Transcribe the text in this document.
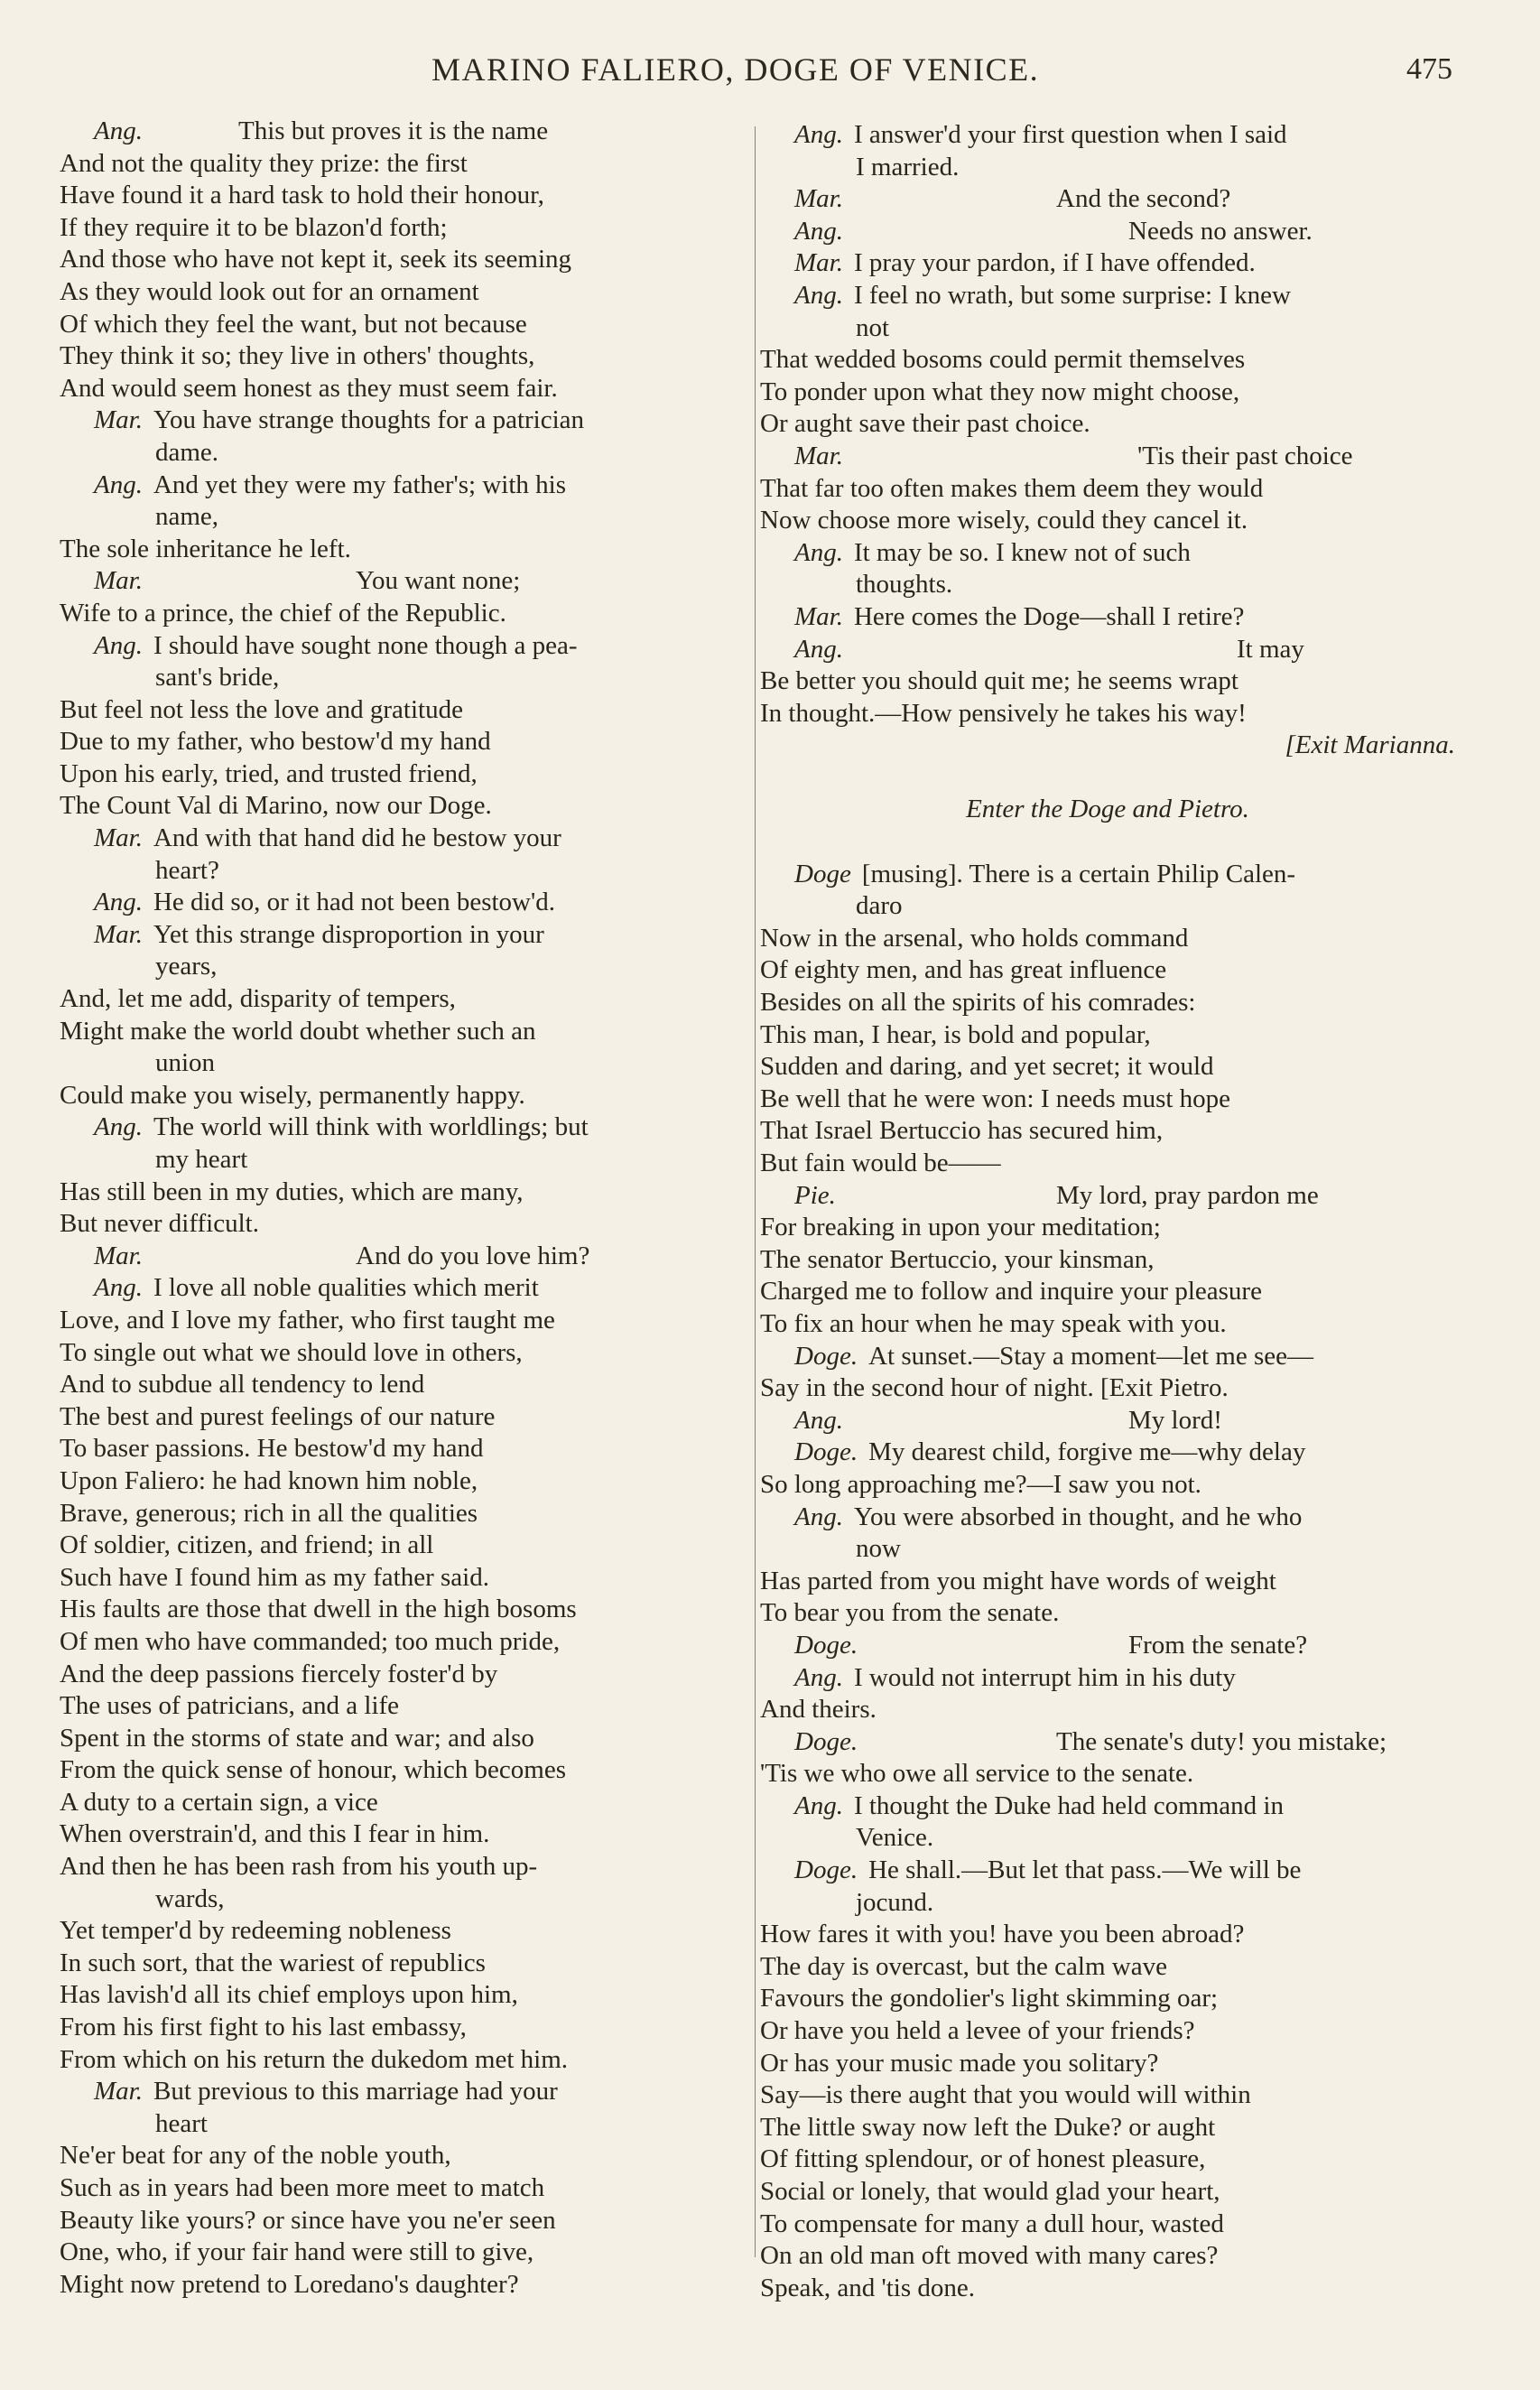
MARINO FALIERO, DOGE OF VENICE.	475
Ang.	This but proves it is the name
And not the quality they prize: the first
Have found it a hard task to hold their honour,
If they require it to be blazon'd forth;
And those who have not kept it, seek its seeming
As they would look out for an ornament
Of which they feel the want, but not because
They think it so; they live in others' thoughts,
And would seem honest as they must seem fair.
Mar. You have strange thoughts for a patrician
dame.
Ang. And yet they were my father's; with his
name,
The sole inheritance he left.
Mar.	You want none;
Wife to a prince, the chief of the Republic.
Ang. I should have sought none though a pea-
sant's bride,
But feel not less the love and gratitude
Due to my father, who bestow'd my hand
Upon his early, tried, and trusted friend,
The Count Val di Marino, now our Doge.
Mar. And with that hand did he bestow your
heart?
Ang. He did so, or it had not been bestow'd.
Mar. Yet this strange disproportion in your
years,
And, let me add, disparity of tempers,
Might make the world doubt whether such an
union
Could make you wisely, permanently happy.
Ang. The world will think with worldlings; but
my heart
Has still been in my duties, which are many,
But never difficult.
Mar.	And do you love him?
Ang. I love all noble qualities which merit
Love, and I love my father, who first taught me
To single out what we should love in others,
And to subdue all tendency to lend
The best and purest feelings of our nature
To baser passions. He bestow'd my hand
Upon Faliero: he had known him noble,
Brave, generous; rich in all the qualities
Of soldier, citizen, and friend; in all
Such have I found him as my father said.
His faults are those that dwell in the high bosoms
Of men who have commanded; too much pride,
And the deep passions fiercely foster'd by
The uses of patricians, and a life
Spent in the storms of state and war; and also
From the quick sense of honour, which becomes
A duty to a certain sign, a vice
When overstrain'd, and this I fear in him.
And then he has been rash from his youth up-
wards,
Yet temper'd by redeeming nobleness
In such sort, that the wariest of republics
Has lavish'd all its chief employs upon him,
From his first fight to his last embassy,
From which on his return the dukedom met him.
Mar. But previous to this marriage had your
heart
Ne'er beat for any of the noble youth,
Such as in years had been more meet to match
Beauty like yours? or since have you ne'er seen
One, who, if your fair hand were still to give,
Might now pretend to Loredano's daughter?
Ang. I answer'd your first question when I said
I married.
Mar.	And the second?
Ang.	Needs no answer.
Mar. I pray your pardon, if I have offended.
Ang. I feel no wrath, but some surprise: I knew
not
That wedded bosoms could permit themselves
To ponder upon what they now might choose,
Or aught save their past choice.
Mar.	'Tis their past choice
That far too often makes them deem they would
Now choose more wisely, could they cancel it.
Ang. It may be so. I knew not of such
thoughts.
Mar. Here comes the Doge—shall I retire?
Ang.	It may
Be better you should quit me; he seems wrapt
In thought.—How pensively he takes his way!
[Exit Marianna.
Enter the Doge and Pietro.
Doge [musing]. There is a certain Philip Calen-
daro
Now in the arsenal, who holds command
Of eighty men, and has great influence
Besides on all the spirits of his comrades:
This man, I hear, is bold and popular,
Sudden and daring, and yet secret; it would
Be well that he were won: I needs must hope
That Israel Bertuccio has secured him,
But fain would be——
Pie.	My lord, pray pardon me
For breaking in upon your meditation;
The senator Bertuccio, your kinsman,
Charged me to follow and inquire your pleasure
To fix an hour when he may speak with you.
Doge. At sunset.—Stay a moment—let me see—
Say in the second hour of night. [Exit Pietro.
Ang.	My lord!
Doge. My dearest child, forgive me—why delay
So long approaching me?—I saw you not.
Ang. You were absorbed in thought, and he who
now
Has parted from you might have words of weight
To bear you from the senate.
Doge.	From the senate?
Ang. I would not interrupt him in his duty
And theirs.
Doge.	The senate's duty! you mistake;
'Tis we who owe all service to the senate.
Ang. I thought the Duke had held command in
Venice.
Doge. He shall.—But let that pass.—We will be
jocund.
How fares it with you! have you been abroad?
The day is overcast, but the calm wave
Favours the gondolier's light skimming oar;
Or have you held a levee of your friends?
Or has your music made you solitary?
Say—is there aught that you would will within
The little sway now left the Duke? or aught
Of fitting splendour, or of honest pleasure,
Social or lonely, that would glad your heart,
To compensate for many a dull hour, wasted
On an old man oft moved with many cares?
Speak, and 'tis done.
